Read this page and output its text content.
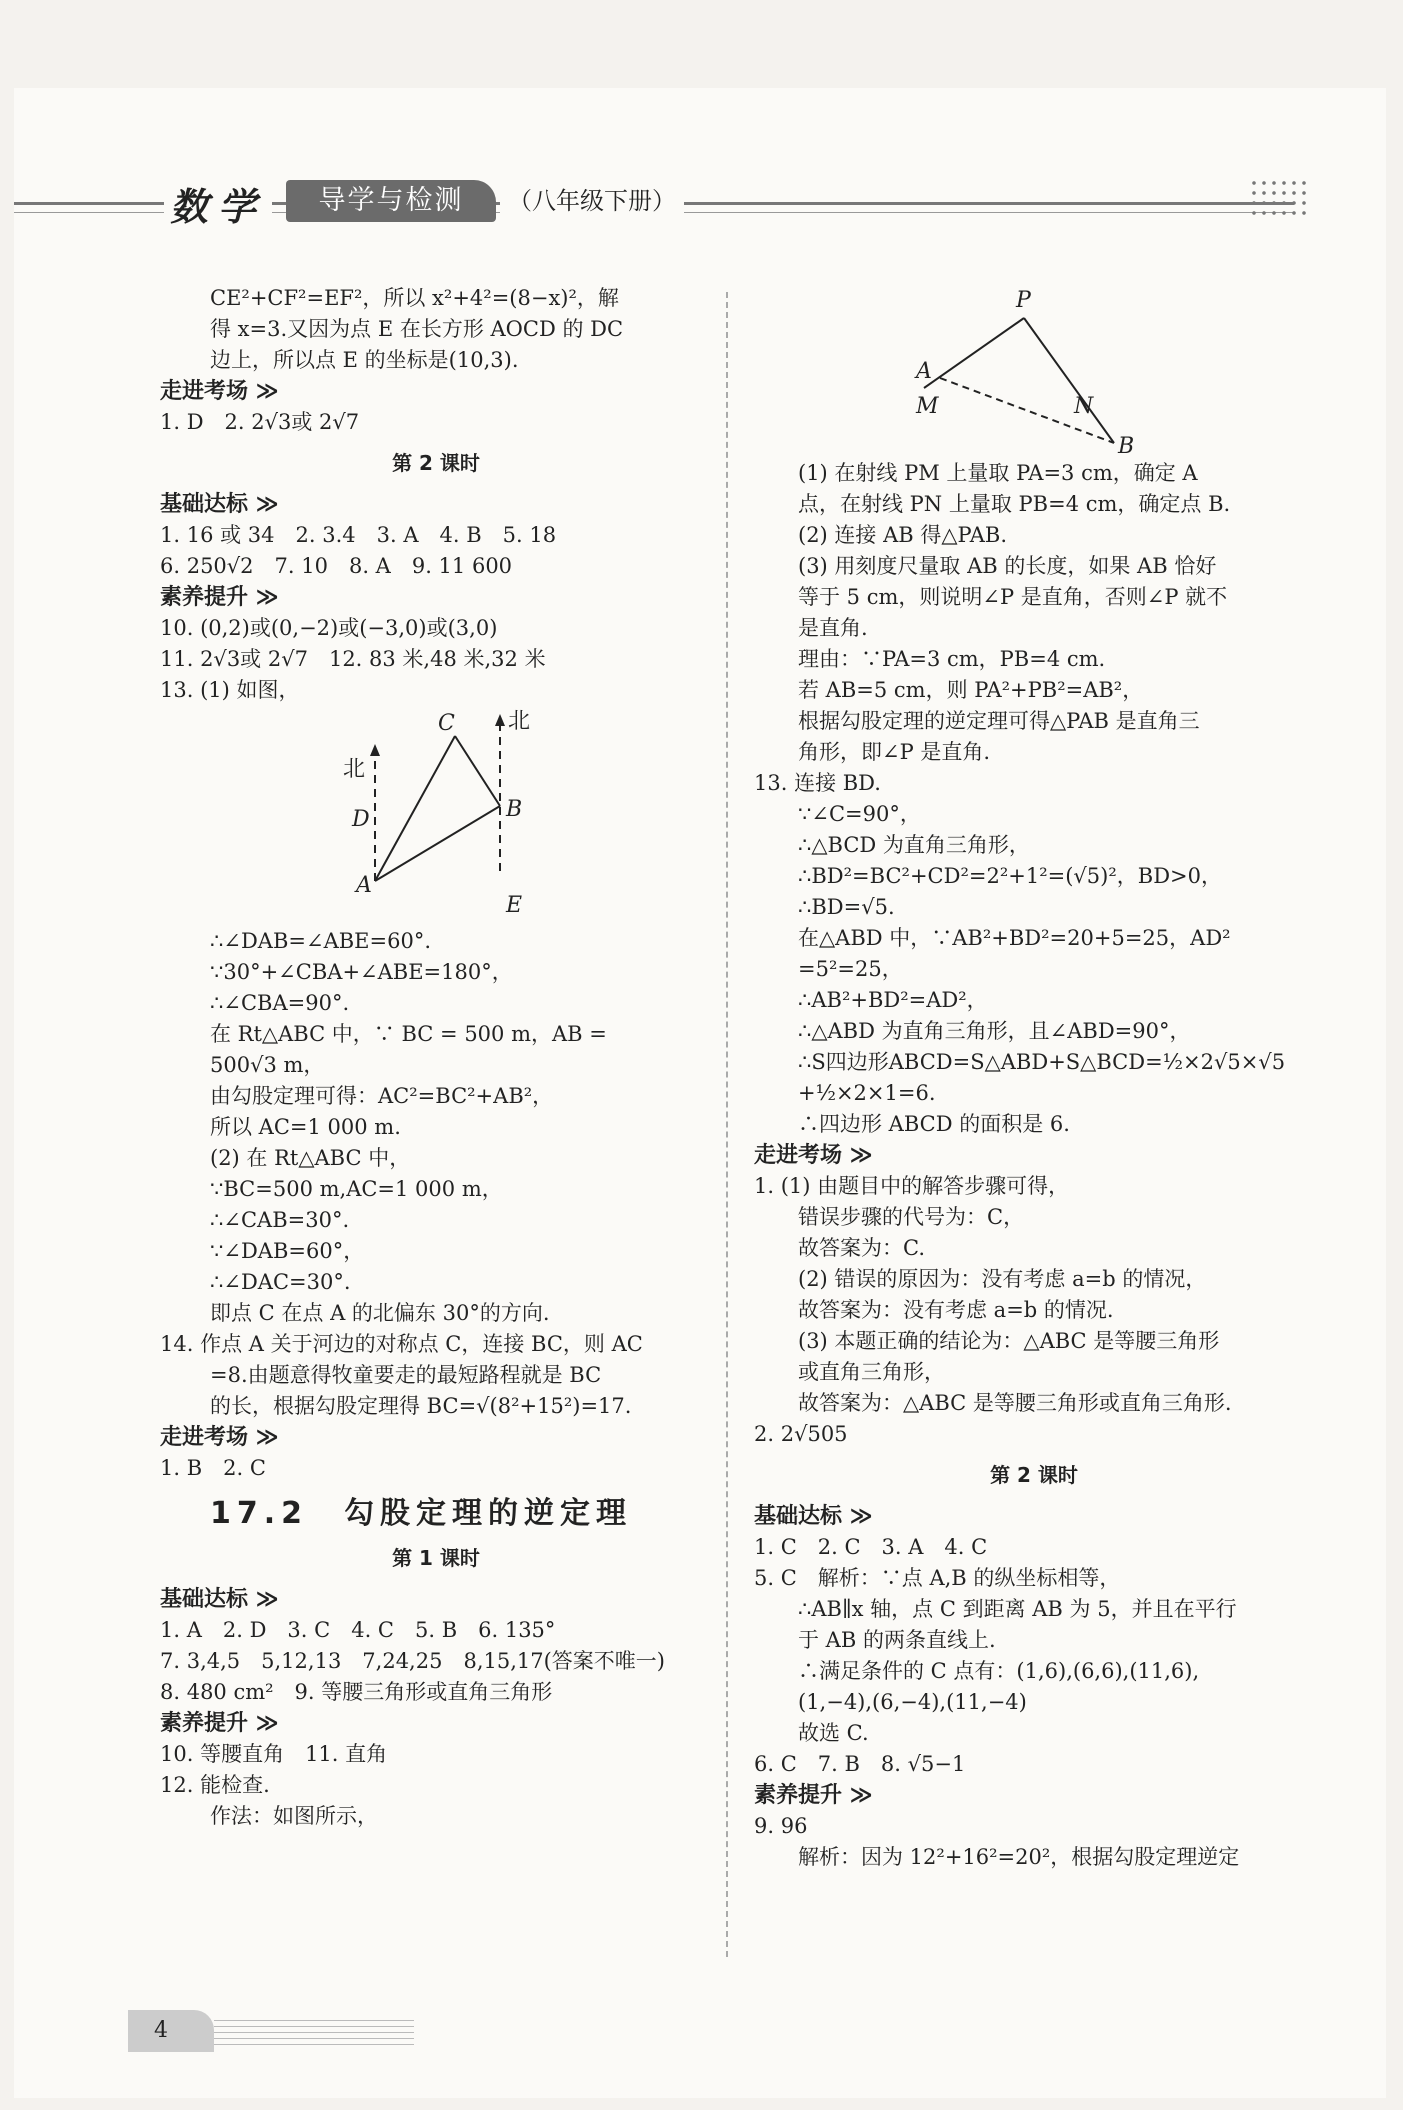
数学	导学与检测	（八年级下册）

CE²+CF²=EF²，所以 x²+4²=(8−x)²，解

得 x=3.又因为点 E 在长方形 AOCD 的 DC

边上，所以点 E 的坐标是(10,3).

走进考场 ≫

1. D　2. 2√3或 2√7

第 2 课时

基础达标 ≫

1. 16 或 34　2. 3.4　3. A　4. B　5. 18

6. 250√2　7. 10　8. A　9. 11 600

素养提升 ≫

10. (0,2)或(0,−2)或(−3,0)或(3,0)

11. 2√3或 2√7　12. 83 米,48 米,32 米

13. (1) 如图，

C 北
北
D	B
A
E

∴∠DAB=∠ABE=60°.

∵30°+∠CBA+∠ABE=180°，

∴∠CBA=90°.

在 Rt△ABC 中，∵ BC = 500 m，AB =

500√3 m，

由勾股定理可得：AC²=BC²+AB²，

所以 AC=1 000 m.

(2) 在 Rt△ABC 中，

∵BC=500 m,AC=1 000 m，

∴∠CAB=30°.

∵∠DAB=60°，

∴∠DAC=30°.

即点 C 在点 A 的北偏东 30°的方向.

14. 作点 A 关于河边的对称点 C，连接 BC，则 AC

=8.由题意得牧童要走的最短路程就是 BC

的长，根据勾股定理得 BC=√(8²+15²)=17.

走进考场 ≫

1. B　2. C

17.2　勾股定理的逆定理

第 1 课时

基础达标 ≫

1. A　2. D　3. C　4. C　5. B　6. 135°

7. 3,4,5　5,12,13　7,24,25　8,15,17(答案不唯一)

8. 480 cm²　9. 等腰三角形或直角三角形

素养提升 ≫

10. 等腰直角　11. 直角

12. 能检查.

作法：如图所示，

P
A
M	N
B

(1) 在射线 PM 上量取 PA=3 cm，确定 A

点，在射线 PN 上量取 PB=4 cm，确定点 B.

(2) 连接 AB 得△PAB.

(3) 用刻度尺量取 AB 的长度，如果 AB 恰好

等于 5 cm，则说明∠P 是直角，否则∠P 就不

是直角.

理由：∵PA=3 cm，PB=4 cm.

若 AB=5 cm，则 PA²+PB²=AB²，

根据勾股定理的逆定理可得△PAB 是直角三

角形，即∠P 是直角.

13. 连接 BD.

∵∠C=90°，

∴△BCD 为直角三角形，

∴BD²=BC²+CD²=2²+1²=(√5)²，BD>0，

∴BD=√5.

在△ABD 中，∵AB²+BD²=20+5=25，AD²

=5²=25，

∴AB²+BD²=AD²，

∴△ABD 为直角三角形，且∠ABD=90°，

∴S四边形ABCD=S△ABD+S△BCD=½×2√5×√5

+½×2×1=6.

∴四边形 ABCD 的面积是 6.

走进考场 ≫

1. (1) 由题目中的解答步骤可得，

错误步骤的代号为：C，

故答案为：C.

(2) 错误的原因为：没有考虑 a=b 的情况，

故答案为：没有考虑 a=b 的情况.

(3) 本题正确的结论为：△ABC 是等腰三角形

或直角三角形，

故答案为：△ABC 是等腰三角形或直角三角形.

2. 2√505

第 2 课时

基础达标 ≫

1. C　2. C　3. A　4. C

5. C　解析：∵点 A,B 的纵坐标相等，

∴AB∥x 轴，点 C 到距离 AB 为 5，并且在平行

于 AB 的两条直线上.

∴满足条件的 C 点有：(1,6),(6,6),(11,6),

(1,−4),(6,−4),(11,−4)

故选 C.

6. C　7. B　8. √5−1

素养提升 ≫

9. 96

解析：因为 12²+16²=20²，根据勾股定理逆定

4
